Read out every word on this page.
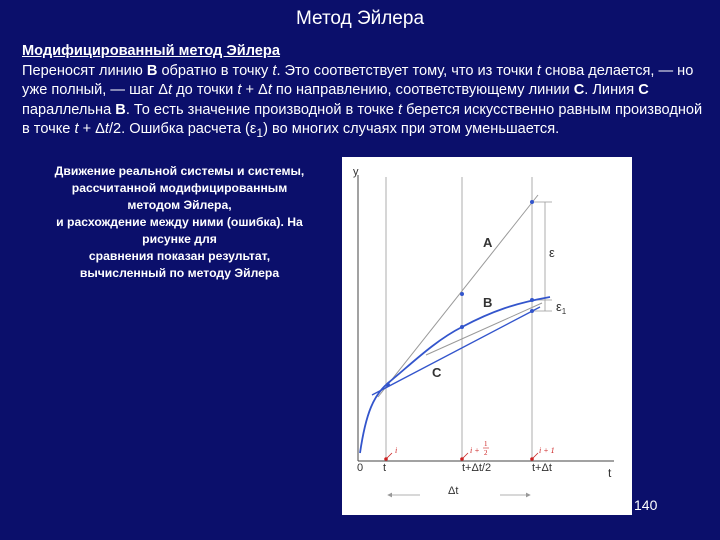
Метод Эйлера
Модифицированный метод Эйлера
Переносят линию B обратно в точку t. Это соответствует тому, что из точки t снова делается, — но уже полный, — шаг Δt до точки t + Δt по направлению, соответствующему линии C. Линия C параллельна B. То есть значение производной в точке t берется искусственно равным производной в точке t + Δt/2. Ошибка расчета $(\varepsilon_1)$ во многих случаях при этом уменьшается.
Движение реальной системы и системы,
рассчитанной модифицированным
методом Эйлера,
и расхождение между ними (ошибка). На
рисунке для
сравнения показан результат,
вычисленный по методу Эйлера
y
t
0 t	t+Δt/2	t+Δt
A
B
C
ε
$\varepsilon_1$
Δt
i	i +
1
2	i + 1
140
